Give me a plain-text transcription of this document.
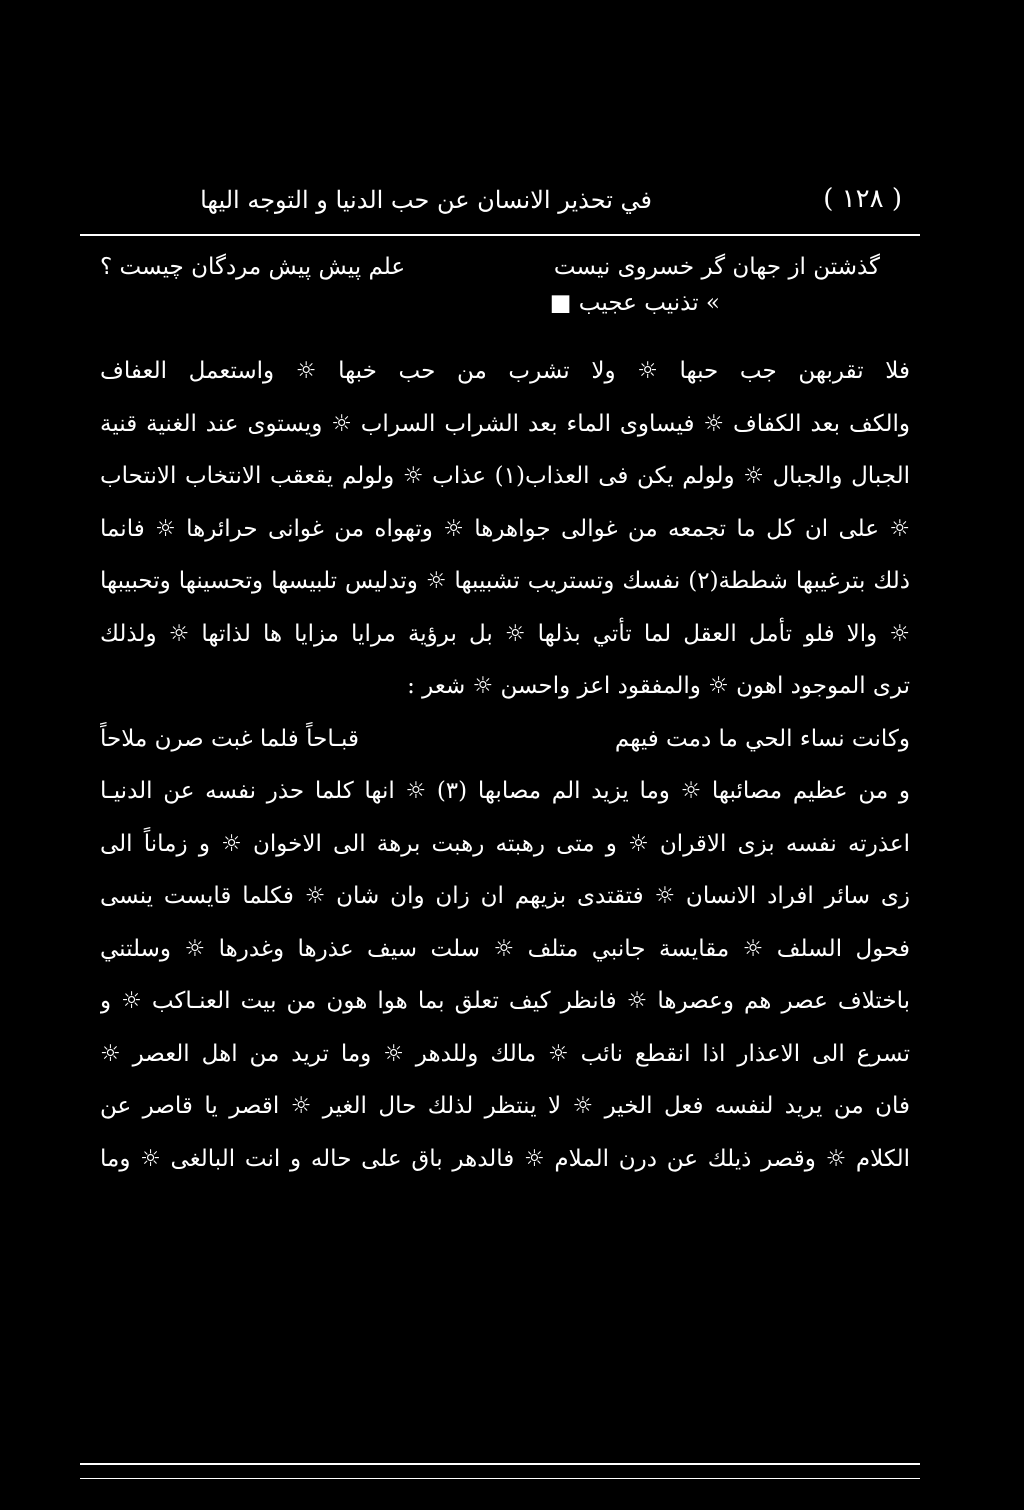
( ١٢٨ )
في تحذير الانسان عن حب الدنيا و التوجه اليها
گذشتن از جهان گر خسروی نیست
علم پیش پیش مردگان چیست ؟
» تذنيب عجيب ■
فلا تقربهن جب حبها ☼ ولا تشرب من حب خبها ☼ واستعمل العفاف
والكف بعد الكفاف ☼ فيساوى الماء بعد الشراب السراب ☼ ويستوى عند الغنية قنية
الجبال والجبال ☼ ولولم يكن فى العذاب(١) عذاب ☼ ولولم يقعقب الانتخاب الانتحاب
☼ على ان كل ما تجمعه من غوالى جواهرها ☼ وتهواه من غوانى حرائرها ☼ فانما
ذلك بترغيبها شططة(٢) نفسك وتستريب تشبيبها ☼ وتدليس تلبيسها وتحسينها وتحبيبها
☼ والا فلو تأمل العقل لما تأتي بذلها ☼ بل برؤية مرايا مزايا ها لذاتها ☼ ولذلك
ترى الموجود اهون ☼ والمفقود اعز واحسن ☼ شعر :
وكانت نساء الحي ما دمت فيهم
قبـاحاً فلما غبت صرن ملاحاً
و من عظيم مصائبها ☼ وما يزيد الم مصابها (٣) ☼ انها كلما حذر نفسه عن الدنيـا
اعذرته نفسه بزى الاقران ☼ و متى رهبته رهبت برهة الى الاخوان ☼ و زماناً الى
زى سائر افراد الانسان ☼ فتقتدى بزيهم ان زان وان شان ☼ فكلما قايست ينسى
فحول السلف ☼ مقايسة جانبي متلف ☼ سلت سيف عذرها وغدرها ☼ وسلتني
باختلاف عصر هم وعصرها ☼ فانظر كيف تعلق بما هوا هون من بيت العنـاكب ☼ و
تسرع الى الاعذار اذا انقطع نائب ☼ مالك وللدهر ☼ وما تريد من اهل العصر ☼
فان من يريد لنفسه فعل الخير ☼ لا ينتظر لذلك حال الغير ☼ اقصر يا قاصر عن
الكلام ☼ وقصر ذيلك عن درن الملام ☼ فالدهر باق على حاله و انت البالغى ☼ وما
